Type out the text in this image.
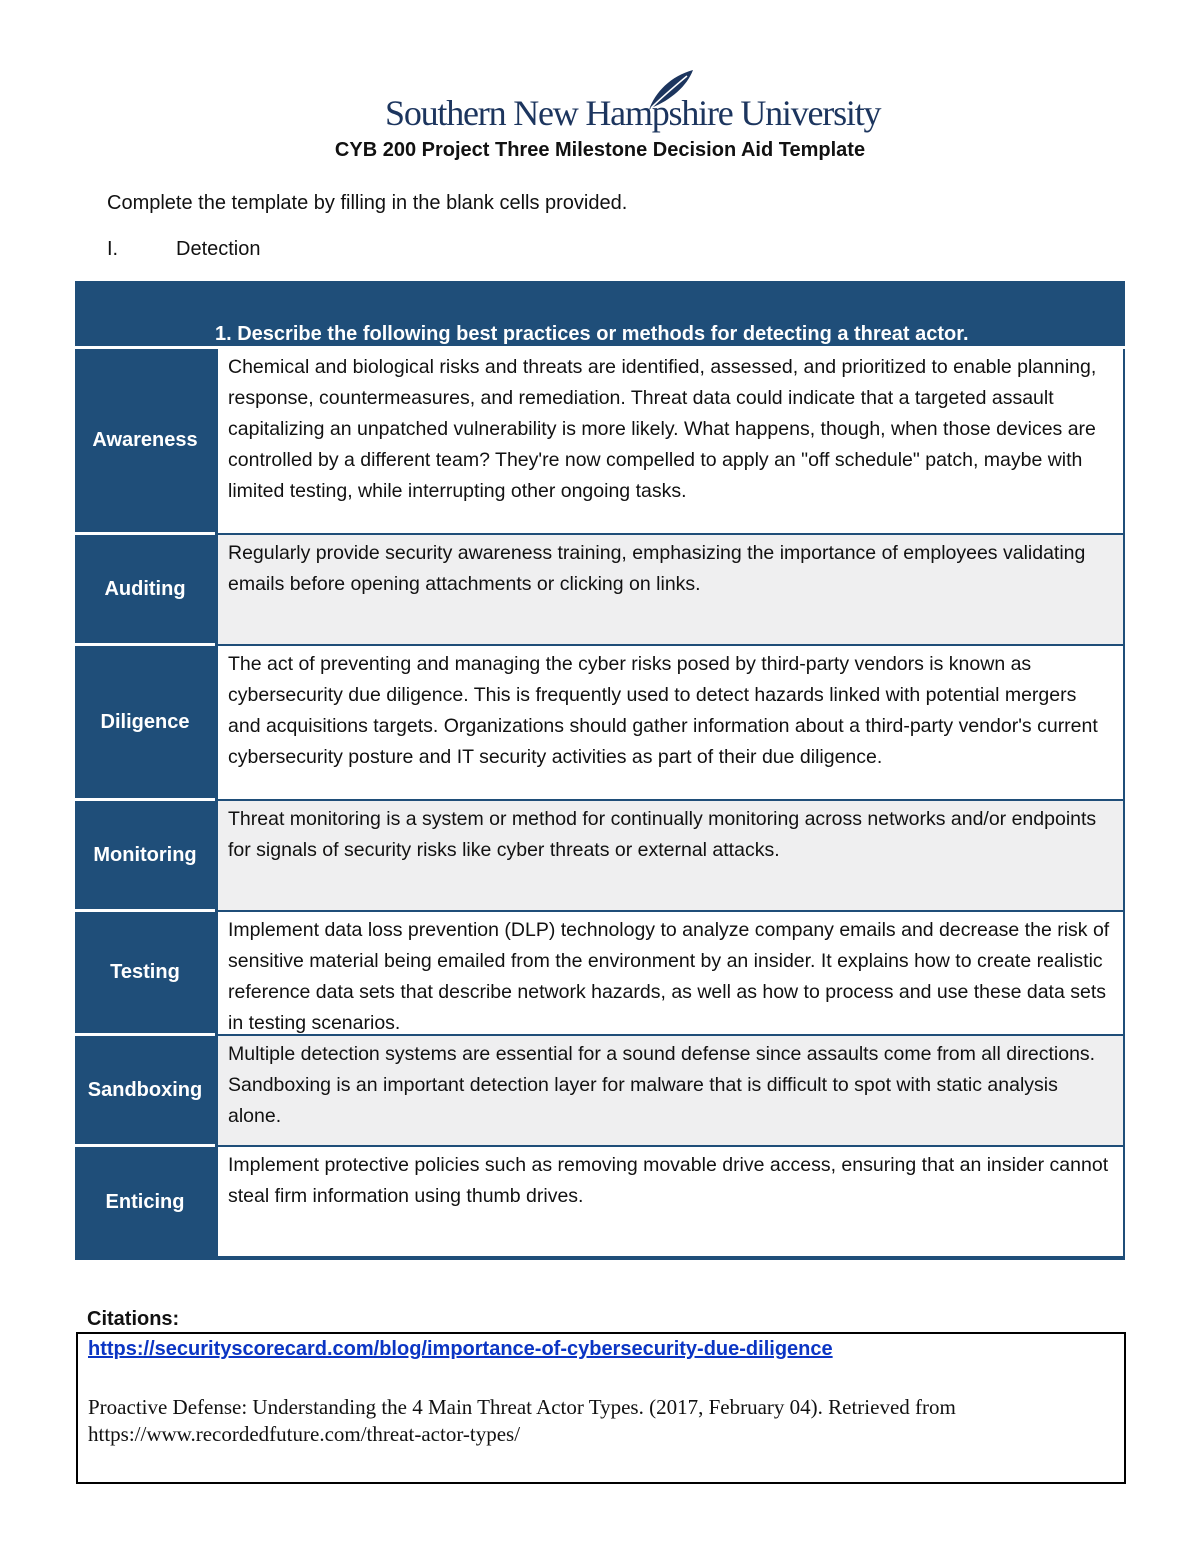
Southern New Hampshire University
CYB 200 Project Three Milestone Decision Aid Template
Complete the template by filling in the blank cells provided.
I.	Detection
1. Describe the following best practices or methods for detecting a threat actor.
Awareness
Chemical and biological risks and threats are identified, assessed, and prioritized to enable planning, response, countermeasures, and remediation. Threat data could indicate that a targeted assault capitalizing an unpatched vulnerability is more likely. What happens, though, when those devices are controlled by a different team? They're now compelled to apply an "off schedule" patch, maybe with limited testing, while interrupting other ongoing tasks.
Auditing
Regularly provide security awareness training, emphasizing the importance of employees validating emails before opening attachments or clicking on links.
Diligence
The act of preventing and managing the cyber risks posed by third-party vendors is known as cybersecurity due diligence. This is frequently used to detect hazards linked with potential mergers and acquisitions targets. Organizations should gather information about a third-party vendor's current cybersecurity posture and IT security activities as part of their due diligence.
Monitoring
Threat monitoring is a system or method for continually monitoring across networks and/or endpoints for signals of security risks like cyber threats or external attacks.
Testing
Implement data loss prevention (DLP) technology to analyze company emails and decrease the risk of sensitive material being emailed from the environment by an insider. It explains how to create realistic reference data sets that describe network hazards, as well as how to process and use these data sets in testing scenarios.
Sandboxing
Multiple detection systems are essential for a sound defense since assaults come from all directions. Sandboxing is an important detection layer for malware that is difficult to spot with static analysis alone.
Enticing
Implement protective policies such as removing movable drive access, ensuring that an insider cannot steal firm information using thumb drives.
Citations:
https://securityscorecard.com/blog/importance-of-cybersecurity-due-diligence
Proactive Defense: Understanding the 4 Main Threat Actor Types. (2017, February 04). Retrieved from https://www.recordedfuture.com/threat-actor-types/
